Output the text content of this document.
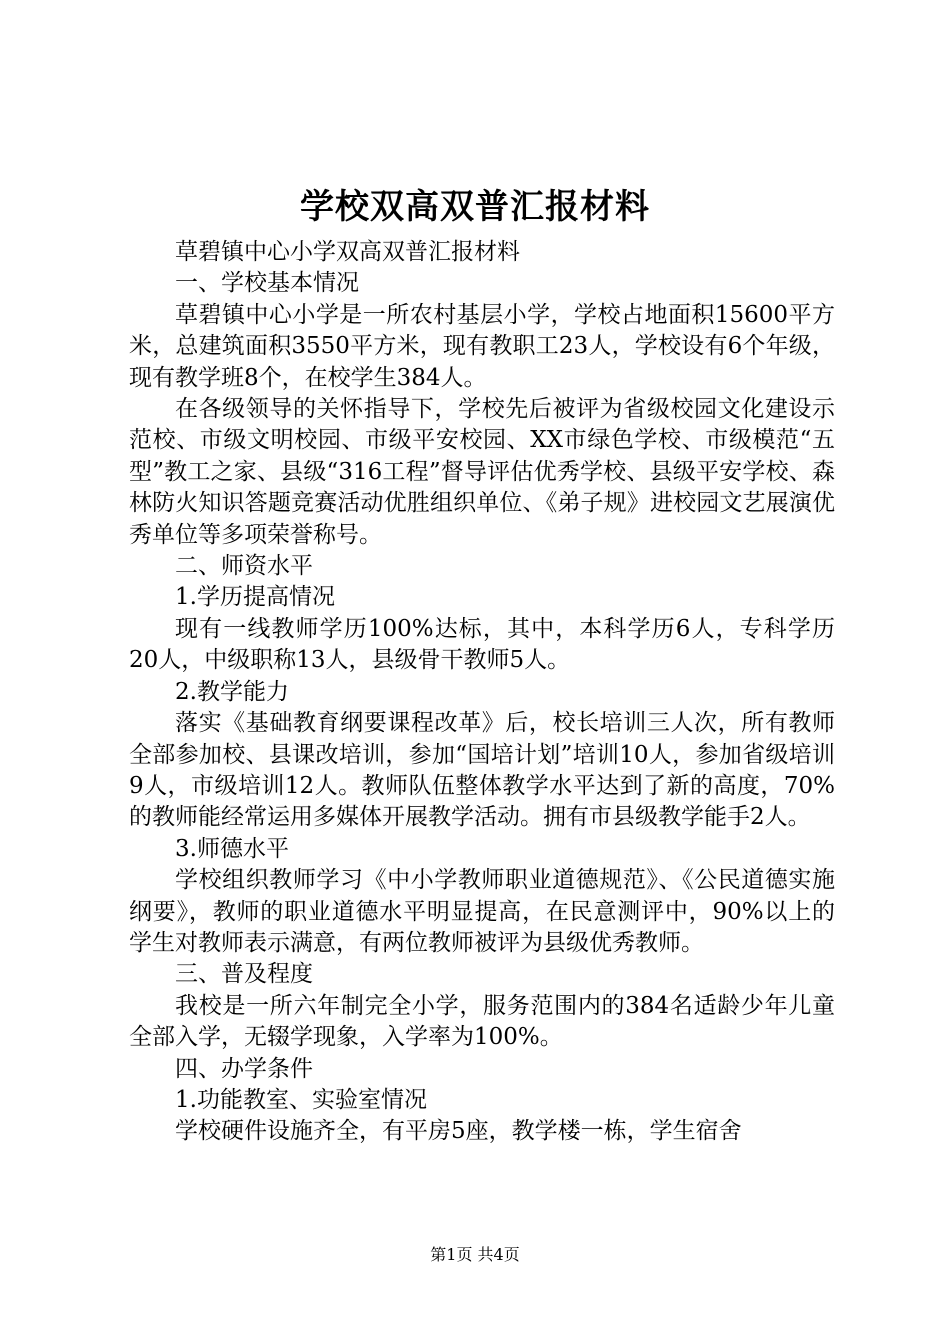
学校双高双普汇报材料

草碧镇中心小学双高双普汇报材料

一、学校基本情况

草碧镇中心小学是一所农村基层小学，学校占地面积15600平方米，总建筑面积3550平方米，现有教职工23人，学校设有6个年级，现有教学班8个，在校学生384人。

在各级领导的关怀指导下，学校先后被评为省级校园文化建设示范校、市级文明校园、市级平安校园、XX市绿色学校、市级模范“五型”教工之家、县级“316工程”督导评估优秀学校、县级平安学校、森林防火知识答题竞赛活动优胜组织单位、《弟子规》进校园文艺展演优秀单位等多项荣誉称号。

二、师资水平

1.学历提高情况

现有一线教师学历100%达标，其中，本科学历6人，专科学历20人，中级职称13人，县级骨干教师5人。

2.教学能力

落实《基础教育纲要课程改革》后，校长培训三人次，所有教师全部参加校、县课改培训，参加“国培计划”培训10人，参加省级培训9人，市级培训12人。教师队伍整体教学水平达到了新的高度，70%的教师能经常运用多媒体开展教学活动。拥有市县级教学能手2人。

3.师德水平

学校组织教师学习《中小学教师职业道德规范》、《公民道德实施纲要》，教师的职业道德水平明显提高，在民意测评中，90%以上的学生对教师表示满意，有两位教师被评为县级优秀教师。

三、普及程度

我校是一所六年制完全小学，服务范围内的384名适龄少年儿童全部入学，无辍学现象，入学率为100%。

四、办学条件

1.功能教室、实验室情况

学校硬件设施齐全，有平房5座，教学楼一栋，学生宿舍

第1页 共4页
